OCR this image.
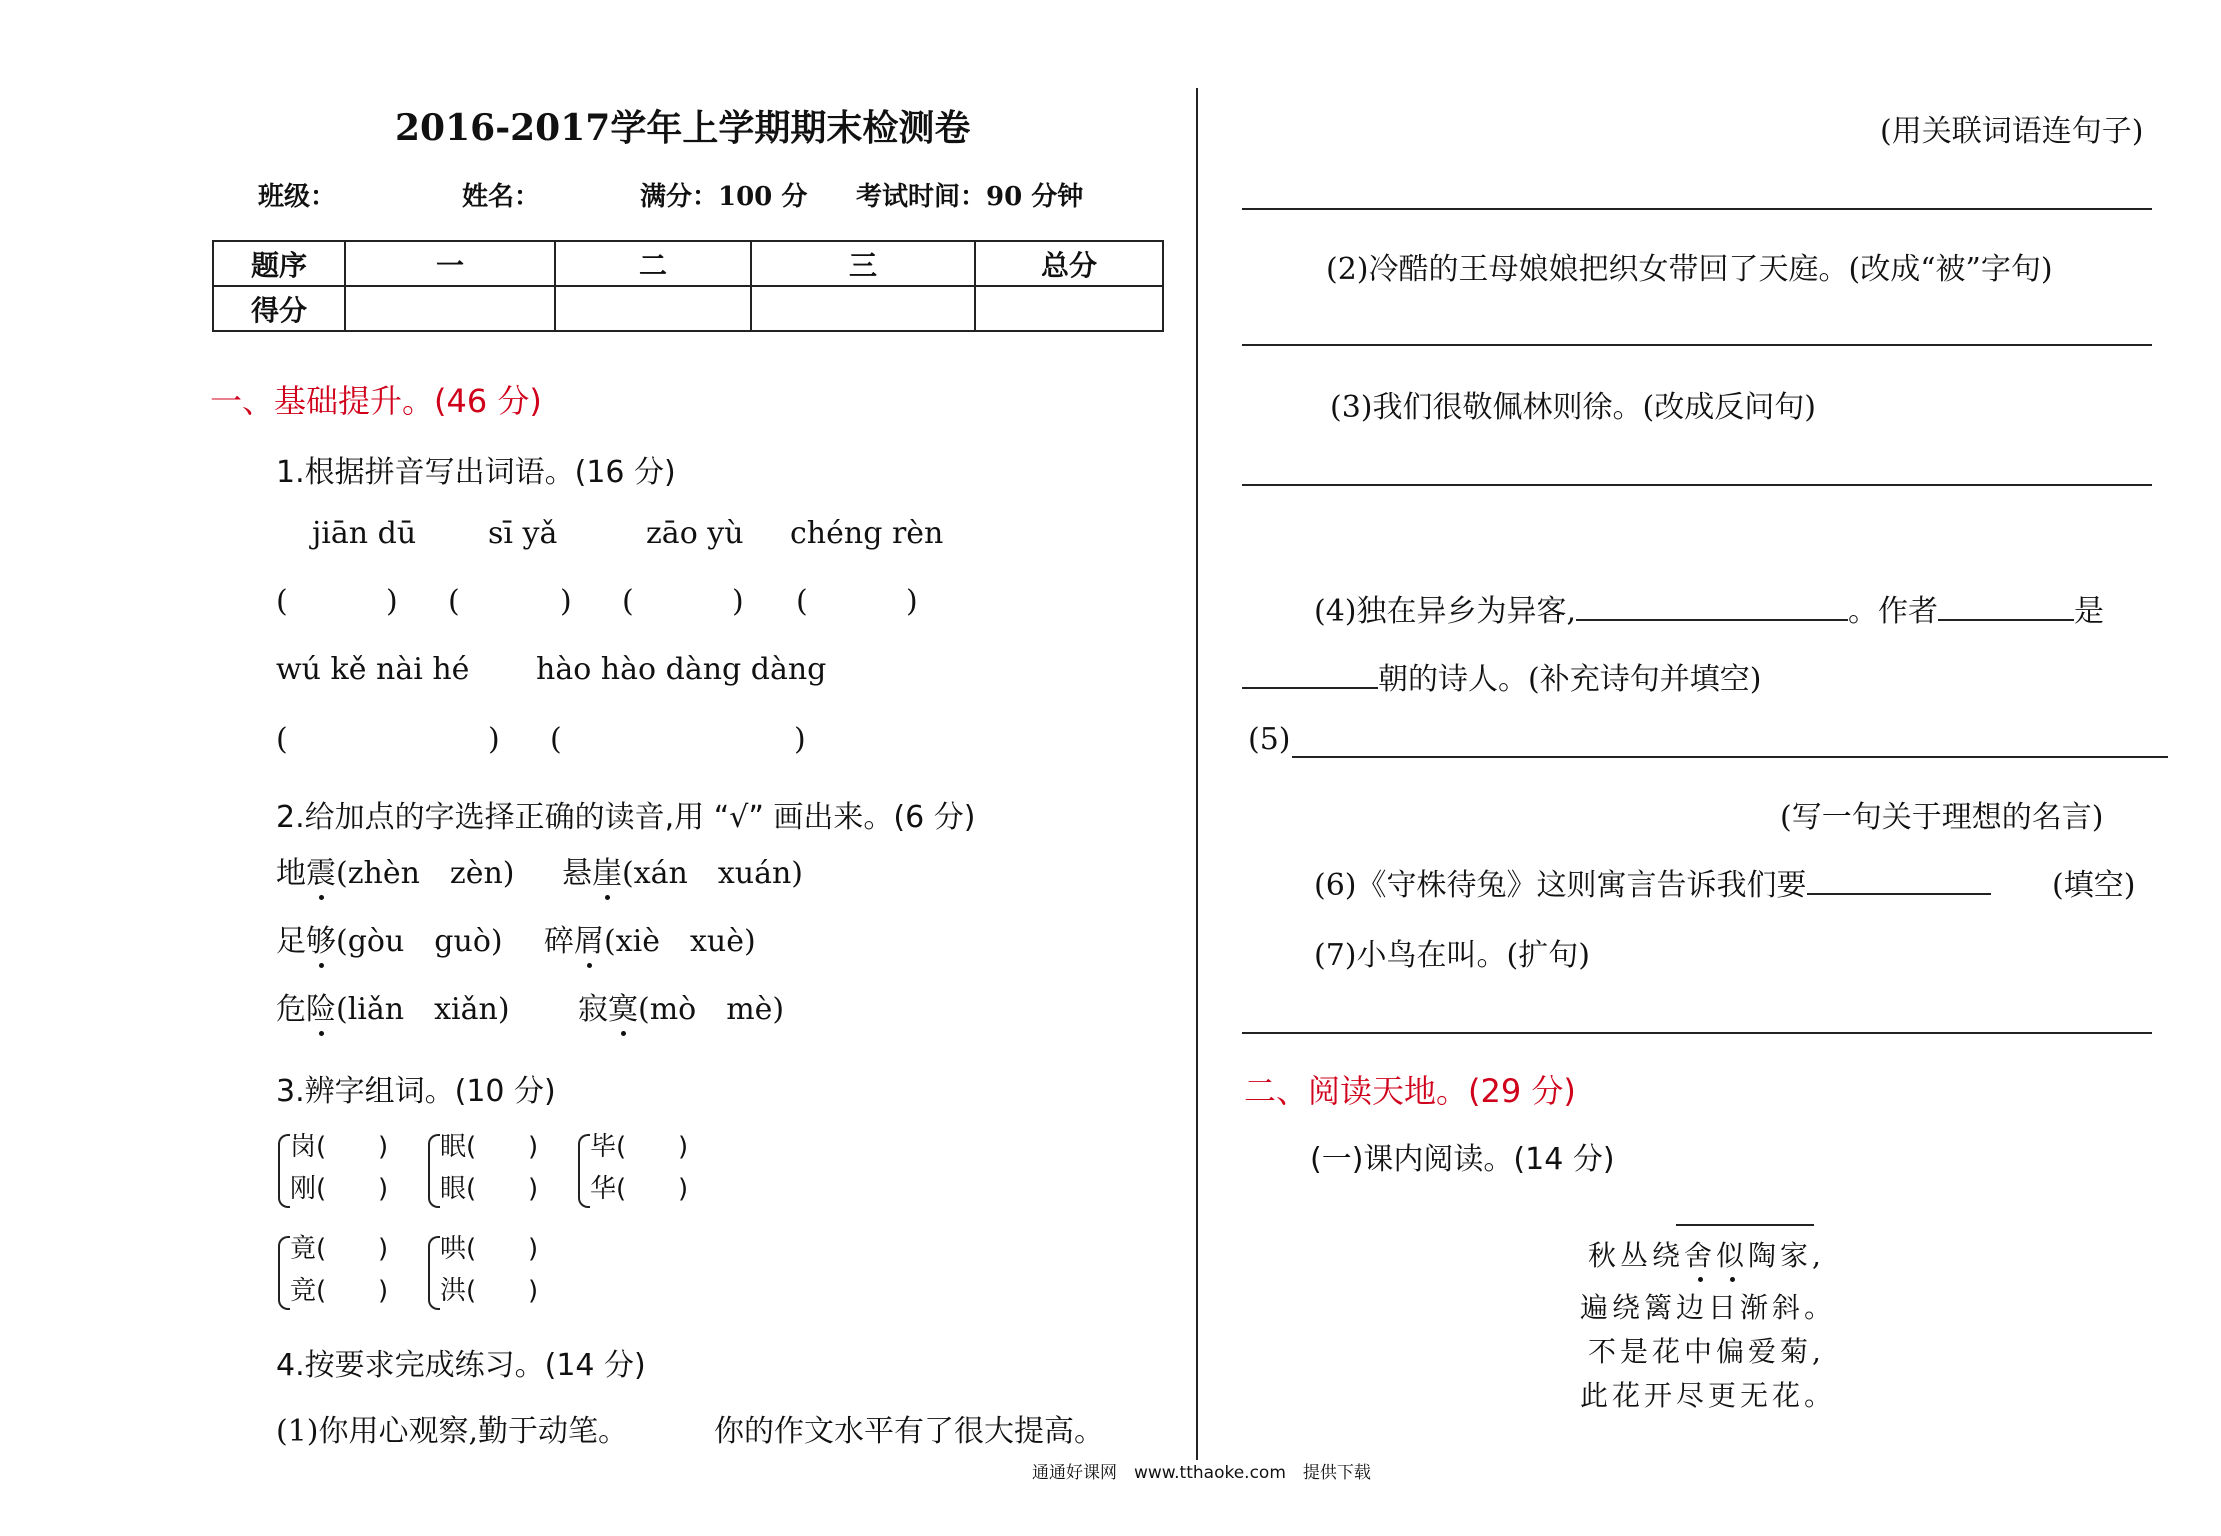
2016-2017学年上学期期末检测卷
班级：	姓名：	满分：100 分 考试时间：90 分钟
题序	一	二	三	总分
得分				
一、基础提升。(46 分)
1.根据拼音写出词语。(16 分)
jiān dū sī yǎ	zāo yù chéng rèn
(	) (	) (	) (	)
wú kě nài hé hào hào dàng dàng
(	) (	)
2.给加点的字选择正确的读音,用 “√” 画出来。(6 分)
地震(zhèn　zèn) 悬崖(xán　xuán)
足够(gòu　guò) 碎屑(xiè　xuè)
危险(liǎn　xiǎn) 寂寞(mò　mè)
3.辨字组词。(10 分)
岗(
刚(
)
)
眠(
眼(
)
)
毕(
华(
)
)
竟(
竞(
)
)
哄(
洪(
)
)
4.按要求完成练习。(14 分)
(1)你用心观察,勤于动笔。	你的作文水平有了很大提高。
(用关联词语连句子)
(2)冷酷的王母娘娘把织女带回了天庭。(改成“被”字句)
(3)我们很敬佩林则徐。(改成反问句)
(4)独在异乡为异客,	。作者	是
朝的诗人。(补充诗句并填空)
(5)
(写一句关于理想的名言)
(6)《守株待兔》这则寓言告诉我们要	(填空)
(7)小鸟在叫。(扩句)
二、阅读天地。(29 分)
(一)课内阅读。(14 分)
秋丛绕舍似陶家,
遍绕篱边日渐斜。
不是花中偏爱菊,
此花开尽更无花。
通通好课网　www.tthaoke.com　提供下载
